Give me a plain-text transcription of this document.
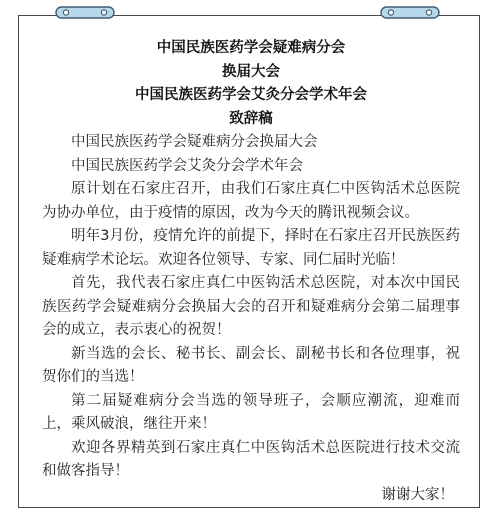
中国民族医药学会疑难病分会
换届大会
中国民族医药学会艾灸分会学术年会
致辞稿

中国民族医药学会疑难病分会换届大会

中国民族医药学会艾灸分会学术年会

原计划在石家庄召开，由我们石家庄真仁中医钩活术总医院为协办单位，由于疫情的原因，改为今天的腾讯视频会议。

明年3月份，疫情允许的前提下，择时在石家庄召开民族医药疑难病学术论坛。欢迎各位领导、专家、同仁届时光临！

首先，我代表石家庄真仁中医钩活术总医院，对本次中国民族医药学会疑难病分会换届大会的召开和疑难病分会第二届理事会的成立，表示衷心的祝贺！

新当选的会长、秘书长、副会长、副秘书长和各位理事，祝贺你们的当选！

第二届疑难病分会当选的领导班子，会顺应潮流，迎难而上，乘风破浪，继往开来！

欢迎各界精英到石家庄真仁中医钩活术总医院进行技术交流和做客指导！

谢谢大家！
